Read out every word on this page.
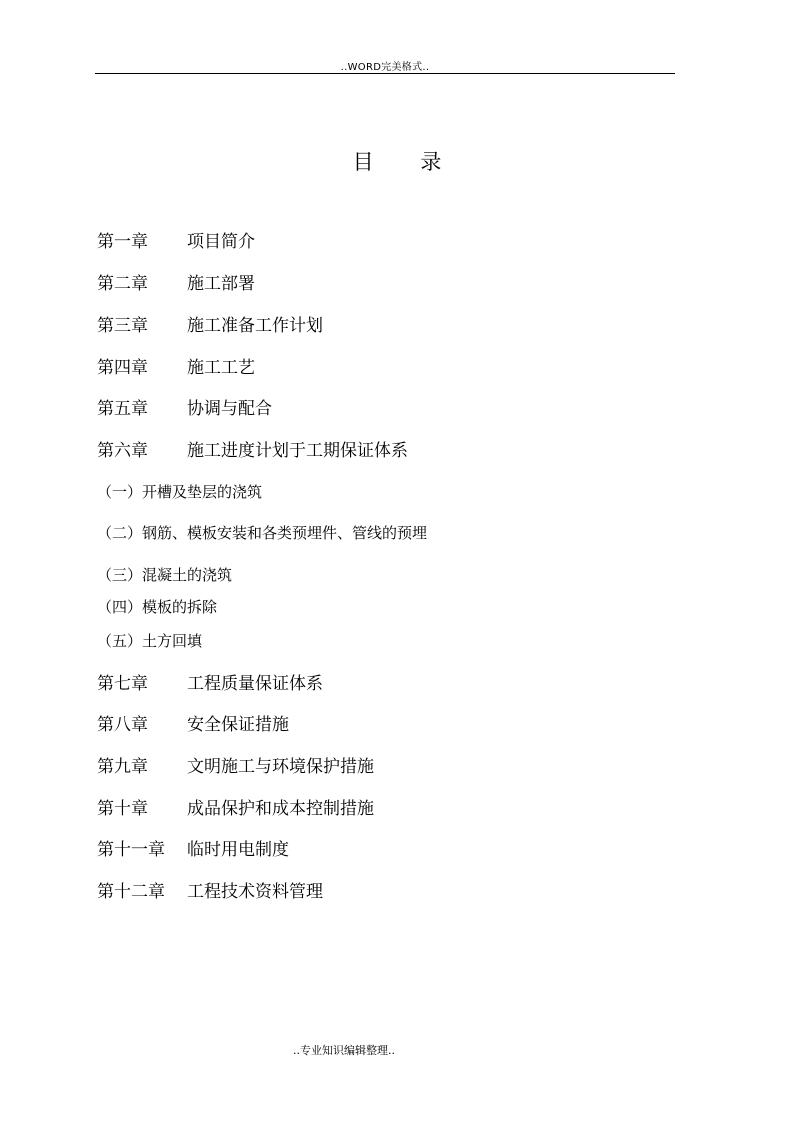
..WORD完美格式..
目 录
第一章 项目简介
第二章 施工部署
第三章 施工准备工作计划
第四章 施工工艺
第五章 协调与配合
第六章 施工进度计划于工期保证体系
（一）开槽及垫层的浇筑
（二）钢筋、模板安装和各类预埋件、管线的预埋
（三）混凝土的浇筑
（四）模板的拆除
（五）土方回填
第七章 工程质量保证体系
第八章 安全保证措施
第九章 文明施工与环境保护措施
第十章 成品保护和成本控制措施
第十一章 临时用电制度
第十二章 工程技术资料管理
..专业知识编辑整理..
